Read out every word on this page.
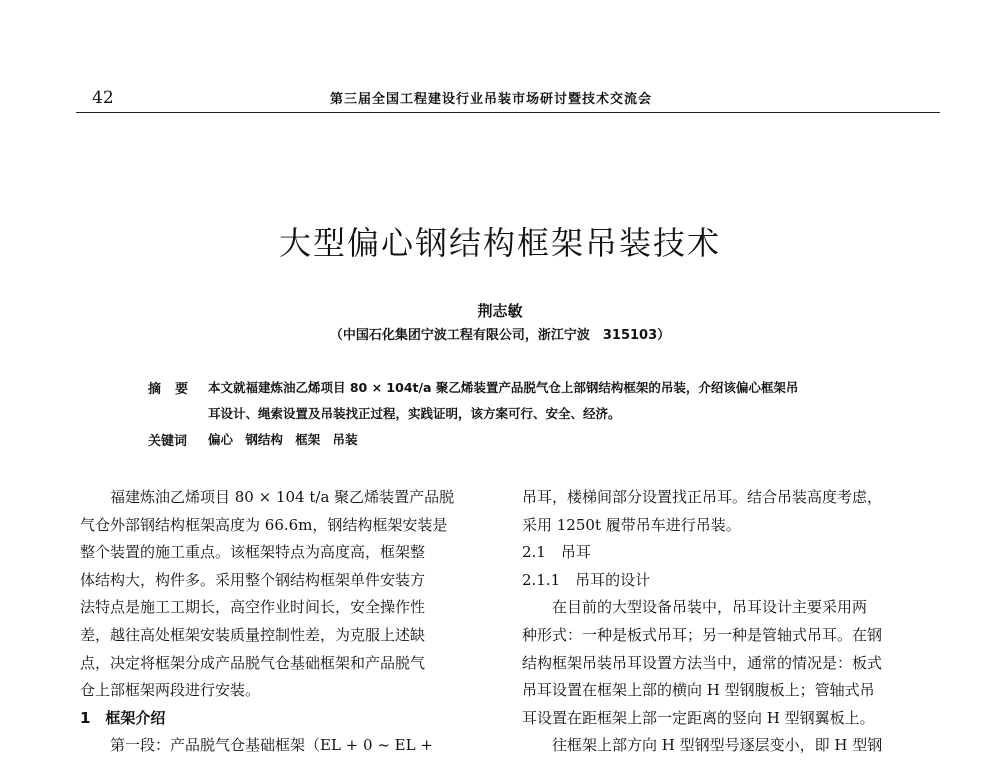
42	第三届全国工程建设行业吊装市场研讨暨技术交流会
大型偏心钢结构框架吊装技术
荆志敏
（中国石化集团宁波工程有限公司，浙江宁波　315103）
摘要 本文就福建炼油乙烯项目 80 × 104t/a 聚乙烯装置产品脱气仓上部钢结构框架的吊装，介绍该偏心框架吊
耳设计、绳索设置及吊装找正过程，实践证明，该方案可行、安全、经济。
关键词 偏心 钢结构 框架 吊装
福建炼油乙烯项目 80 × 104 t/a 聚乙烯装置产品脱
气仓外部钢结构框架高度为 66.6m，钢结构框架安装是
整个装置的施工重点。该框架特点为高度高，框架整
体结构大，构件多。采用整个钢结构框架单件安装方
法特点是施工工期长，高空作业时间长，安全操作性
差，越往高处框架安装质量控制性差，为克服上述缺
点，决定将框架分成产品脱气仓基础框架和产品脱气
仓上部框架两段进行安装。
1　框架介绍
第一段：产品脱气仓基础框架（EL + 0 ~ EL +
吊耳，楼梯间部分设置找正吊耳。结合吊装高度考虑，
采用 1250t 履带吊车进行吊装。
2.1　吊耳
2.1.1　吊耳的设计
在目前的大型设备吊装中，吊耳设计主要采用两
种形式：一种是板式吊耳；另一种是管轴式吊耳。在钢
结构框架吊装吊耳设置方法当中，通常的情况是：板式
吊耳设置在框架上部的横向 H 型钢腹板上；管轴式吊
耳设置在距框架上部一定距离的竖向 H 型钢翼板上。
往框架上部方向 H 型钢型号逐层变小，即 H 型钢
